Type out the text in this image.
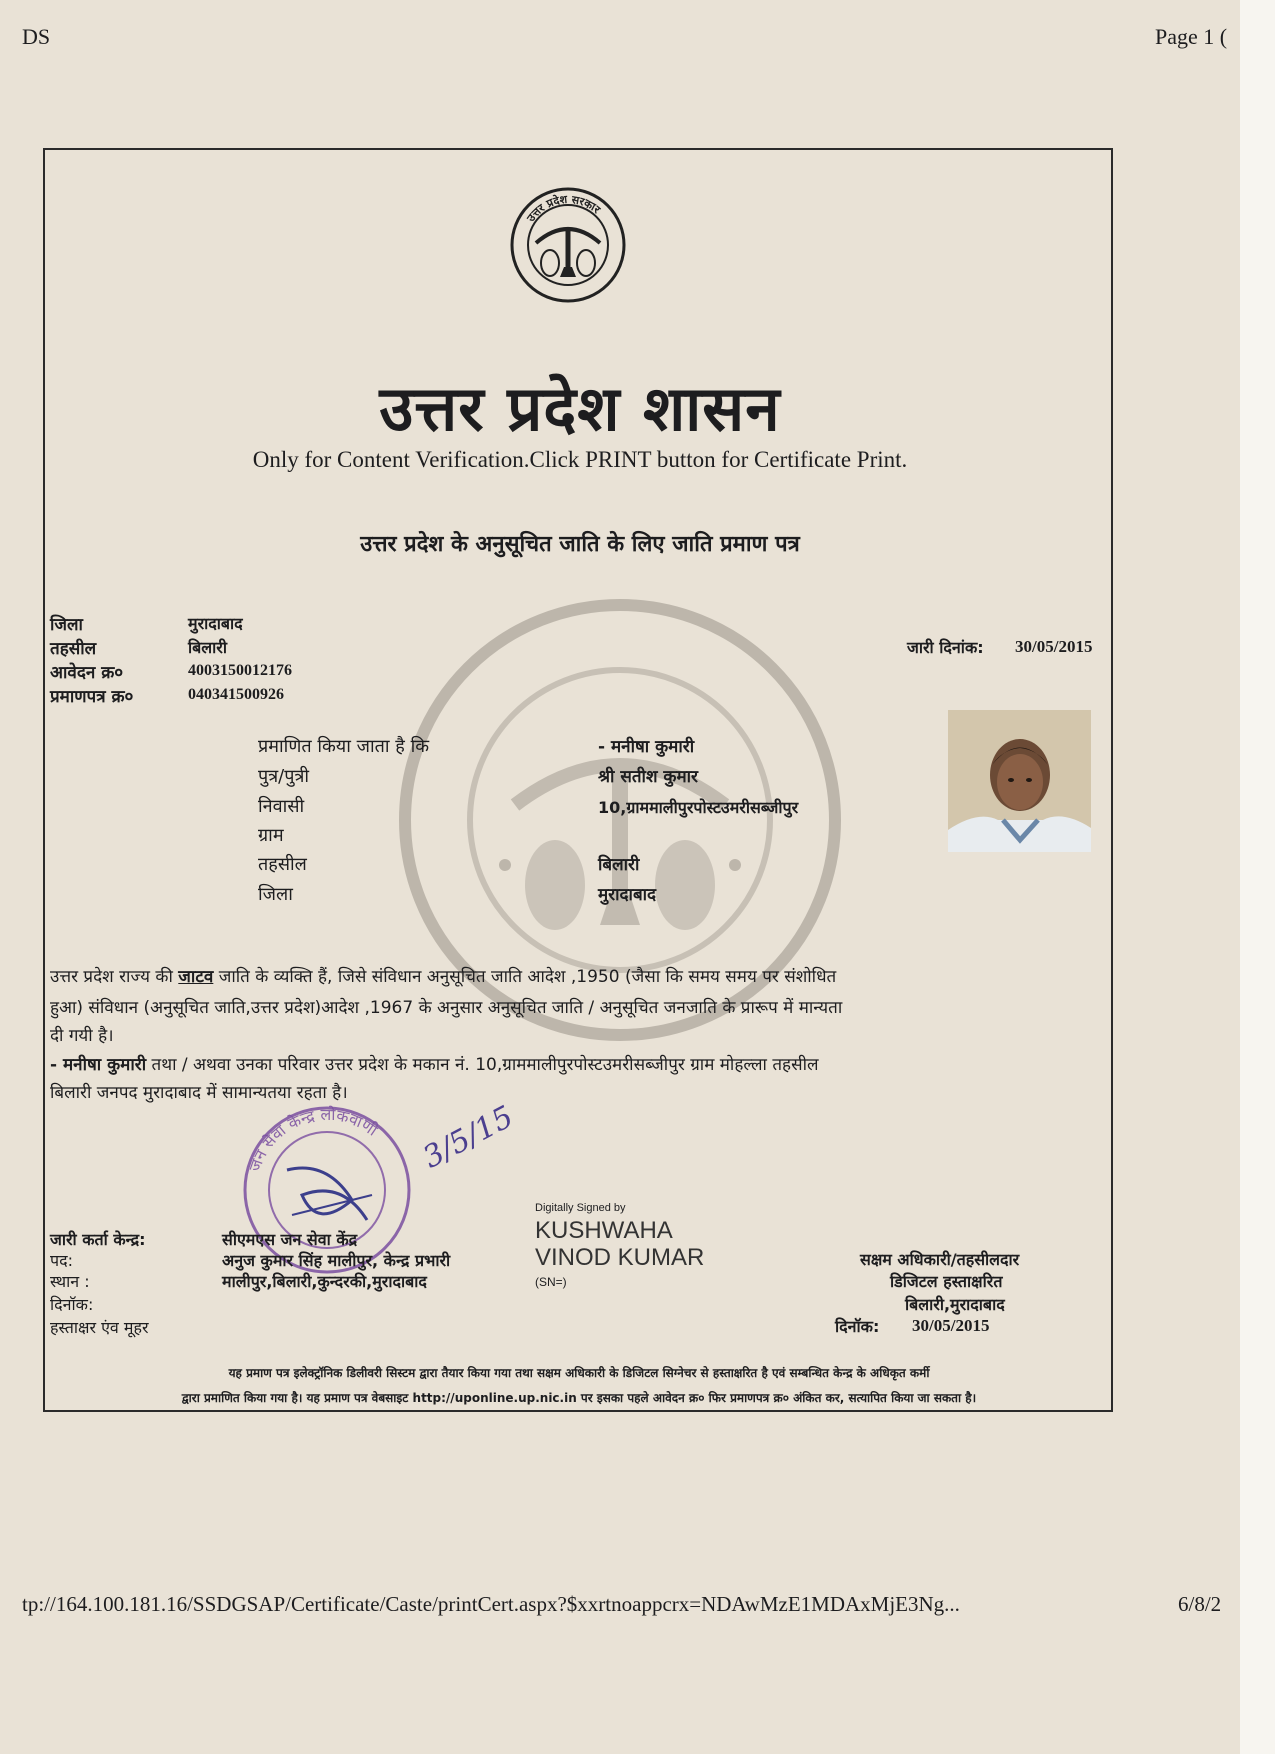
DS	Page 1 (
उत्तर प्रदेश सरकार
उत्तर प्रदेश शासन
Only for Content Verification.Click PRINT button for Certificate Print.
उत्तर प्रदेश के अनुसूचित जाति के लिए जाति प्रमाण पत्र
जिला	मुरादाबाद
तहसील	बिलारी
आवेदन क्र०	4003150012176
प्रमाणपत्र क्र०	040341500926
जारी दिनांक: 30/05/2015
प्रमाणित किया जाता है कि	- मनीषा कुमारी
पुत्र/पुत्री	श्री सतीश कुमार
निवासी	10,ग्राममालीपुरपोस्टउमरीसब्जीपुर
ग्राम
तहसील	बिलारी
जिला	मुरादाबाद
उत्तर प्रदेश राज्य की जाटव जाति के व्यक्ति हैं, जिसे संविधान अनुसूचित जाति आदेश ,1950 (जैसा कि समय समय पर संशोधित
हुआ) संविधान (अनुसूचित जाति,उत्तर प्रदेश)आदेश ,1967 के अनुसार अनुसूचित जाति / अनुसूचित जनजाति के प्रारूप में मान्यता
दी गयी है।
- मनीषा कुमारी तथा / अथवा उनका परिवार उत्तर प्रदेश के मकान नं. 10,ग्राममालीपुरपोस्टउमरीसब्जीपुर ग्राम मोहल्ला तहसील
बिलारी जनपद मुरादाबाद में सामान्यतया रहता है।
जन सेवा केन्द्र लोकवाणी 3/5/15
जारी कर्ता केन्द्र:	सीएमएस जन सेवा केंद्र
पद:	अनुज कुमार सिंह मालीपुर, केन्द्र प्रभारी
स्थान :	मालीपुर,बिलारी,कुन्दरकी,मुरादाबाद
दिनॉक:
हस्ताक्षर एंव मूहर
Digitally Signed by
KUSHWAHA
VINOD KUMAR
(SN=)
सक्षम अधिकारी/तहसीलदार
डिजिटल हस्ताक्षरित
बिलारी,मुरादाबाद
दिनॉक: 30/05/2015
यह प्रमाण पत्र इलेक्ट्रॉनिक डिलीवरी सिस्टम द्वारा तैयार किया गया तथा सक्षम अधिकारी के डिजिटल सिग्नेचर से हस्ताक्षरित है एवं सम्बन्धित केन्द्र के अधिकृत कर्मी
द्वारा प्रमाणित किया गया है। यह प्रमाण पत्र वेबसाइट http://uponline.up.nic.in पर इसका पहले आवेदन क्र० फिर प्रमाणपत्र क्र० अंकित कर, सत्यापित किया जा सकता है।
tp://164.100.181.16/SSDGSAP/Certificate/Caste/printCert.aspx?$xxrtnoappcrx=NDAwMzE1MDAxMjE3Ng...	6/8/2
